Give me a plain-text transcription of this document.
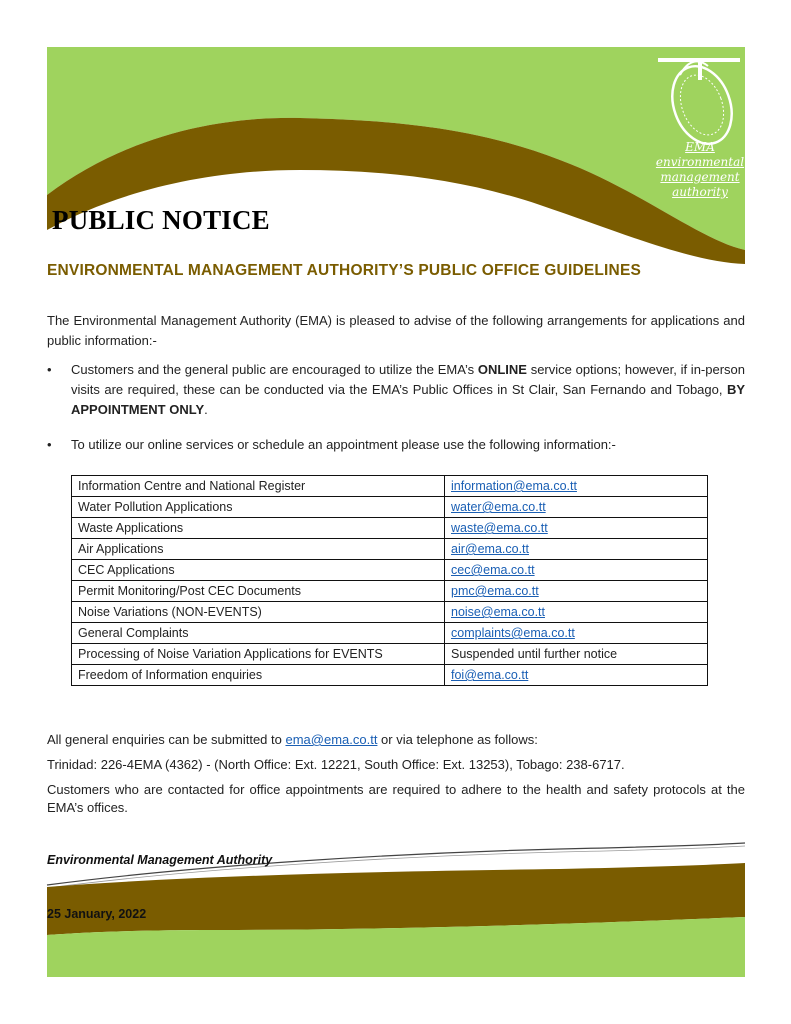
EMA
environmental
management
authority
PUBLIC NOTICE
ENVIRONMENTAL MANAGEMENT AUTHORITY’S PUBLIC OFFICE GUIDELINES

The Environmental Management Authority (EMA) is pleased to advise of the following arrangements for applications and public information:-

• Customers and the general public are encouraged to utilize the EMA’s ONLINE service options; however, if in-person visits are required, these can be conducted via the EMA’s Public Offices in St Clair, San Fernando and Tobago, BY APPOINTMENT ONLY.
• To utilize our online services or schedule an appointment please use the following information:-
Information Centre and National Register	information@ema.co.tt
Water Pollution Applications	water@ema.co.tt
Waste Applications	waste@ema.co.tt
Air Applications	air@ema.co.tt
CEC Applications	cec@ema.co.tt
Permit Monitoring/Post CEC Documents	pmc@ema.co.tt
Noise Variations (NON-EVENTS)	noise@ema.co.tt
General Complaints	complaints@ema.co.tt
Processing of Noise Variation Applications for EVENTS	Suspended until further notice
Freedom of Information enquiries	foi@ema.co.tt

All general enquiries can be submitted to ema@ema.co.tt or via telephone as follows:

Trinidad: 226-4EMA (4362) - (North Office: Ext. 12221, South Office: Ext. 13253), Tobago: 238-6717.

Customers who are contacted for office appointments are required to adhere to the health and safety protocols at the EMA’s offices.

Environmental Management Authority

25 January, 2022
